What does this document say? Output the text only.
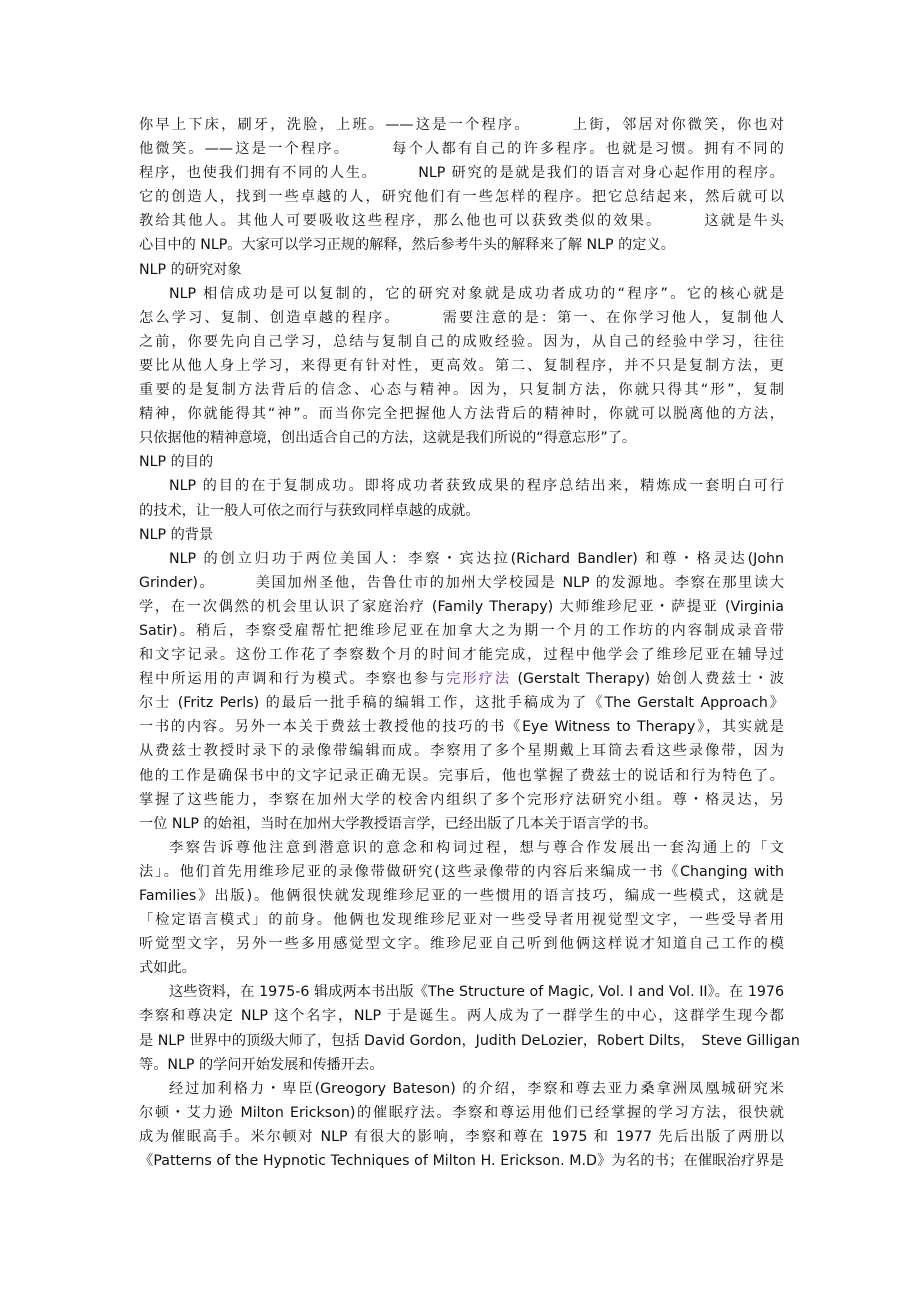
你早上下床，刷牙，洗脸，上班。——这是一个程序。　　　上街，邻居对你微笑，你也对
他微笑。——这是一个程序。　　　每个人都有自己的许多程序。也就是习惯。拥有不同的
程序，也使我们拥有不同的人生。　　　NLP 研究的是就是我们的语言对身心起作用的程序。
它的创造人，找到一些卓越的人，研究他们有一些怎样的程序。把它总结起来，然后就可以
教给其他人。其他人可要吸收这些程序，那么他也可以获致类似的效果。　　　这就是牛头
心目中的 NLP。大家可以学习正规的解释，然后参考牛头的解释来了解 NLP 的定义。
NLP 的研究对象
NLP 相信成功是可以复制的，它的研究对象就是成功者成功的“程序”。它的核心就是
怎么学习、复制、创造卓越的程序。　　　需要注意的是：第一、在你学习他人，复制他人
之前，你要先向自己学习，总结与复制自己的成败经验。因为，从自己的经验中学习，往往
要比从他人身上学习，来得更有针对性，更高效。第二、复制程序，并不只是复制方法，更
重要的是复制方法背后的信念、心态与精神。因为，只复制方法，你就只得其“形”，复制
精神，你就能得其“神”。而当你完全把握他人方法背后的精神时，你就可以脱离他的方法，
只依据他的精神意境，创出适合自己的方法，这就是我们所说的“得意忘形”了。
NLP 的目的
NLP 的目的在于复制成功。即将成功者获致成果的程序总结出来，精炼成一套明白可行
的技术，让一般人可依之而行与获致同样卓越的成就。
NLP 的背景
NLP 的创立归功于两位美国人：李察・宾达拉(Richard Bandler) 和尊・格灵达(John
Grinder)。　　　美国加州圣他，告鲁仕市的加州大学校园是 NLP 的发源地。李察在那里读大
学，在一次偶然的机会里认识了家庭治疗 (Family Therapy) 大师维珍尼亚・萨提亚 (Virginia
Satir)。稍后，李察受雇帮忙把维珍尼亚在加拿大之为期一个月的工作坊的内容制成录音带
和文字记录。这份工作花了李察数个月的时间才能完成，过程中他学会了维珍尼亚在辅导过
程中所运用的声调和行为模式。李察也参与完形疗法 (Gerstalt Therapy) 始创人费兹士・波
尔士 (Fritz Perls) 的最后一批手稿的编辑工作，这批手稿成为了《The Gerstalt Approach》
一书的内容。另外一本关于费兹士教授他的技巧的书《Eye Witness to Therapy》，其实就是
从费兹士教授时录下的录像带编辑而成。李察用了多个星期戴上耳筒去看这些录像带，因为
他的工作是确保书中的文字记录正确无误。完事后，他也掌握了费兹士的说话和行为特色了。
掌握了这些能力，李察在加州大学的校舍内组织了多个完形疗法研究小组。尊・格灵达，另
一位 NLP 的始祖，当时在加州大学教授语言学，已经出版了几本关于语言学的书。
李察告诉尊他注意到潜意识的意念和构词过程，想与尊合作发展出一套沟通上的「文
法」。他们首先用维珍尼亚的录像带做研究(这些录像带的内容后来编成一书《Changing with
Families》出版)。他俩很快就发现维珍尼亚的一些惯用的语言技巧，编成一些模式，这就是
「检定语言模式」的前身。他俩也发现维珍尼亚对一些受导者用视觉型文字，一些受导者用
听觉型文字，另外一些多用感觉型文字。维珍尼亚自己听到他俩这样说才知道自己工作的模
式如此。
这些资料，在 1975-6 辑成两本书出版《The Structure of Magic, Vol. I and Vol. II》。在 1976
李察和尊决定 NLP 这个名字，NLP 于是诞生。两人成为了一群学生的中心，这群学生现今都
是 NLP 世界中的顶级大师了，包括 David Gordon，Judith DeLozier，Robert Dilts，　Steve Gilligan
等。NLP 的学问开始发展和传播开去。
经过加利格力・卑臣(Greogory Bateson) 的介绍，李察和尊去亚力桑拿洲凤凰城研究米
尔顿・艾力逊 Milton Erickson)的催眠疗法。李察和尊运用他们已经掌握的学习方法，很快就
成为催眠高手。米尔顿对 NLP 有很大的影响，李察和尊在 1975 和 1977 先后出版了两册以
《Patterns of the Hypnotic Techniques of Milton H. Erickson. M.D》为名的书；在催眠治疗界是
